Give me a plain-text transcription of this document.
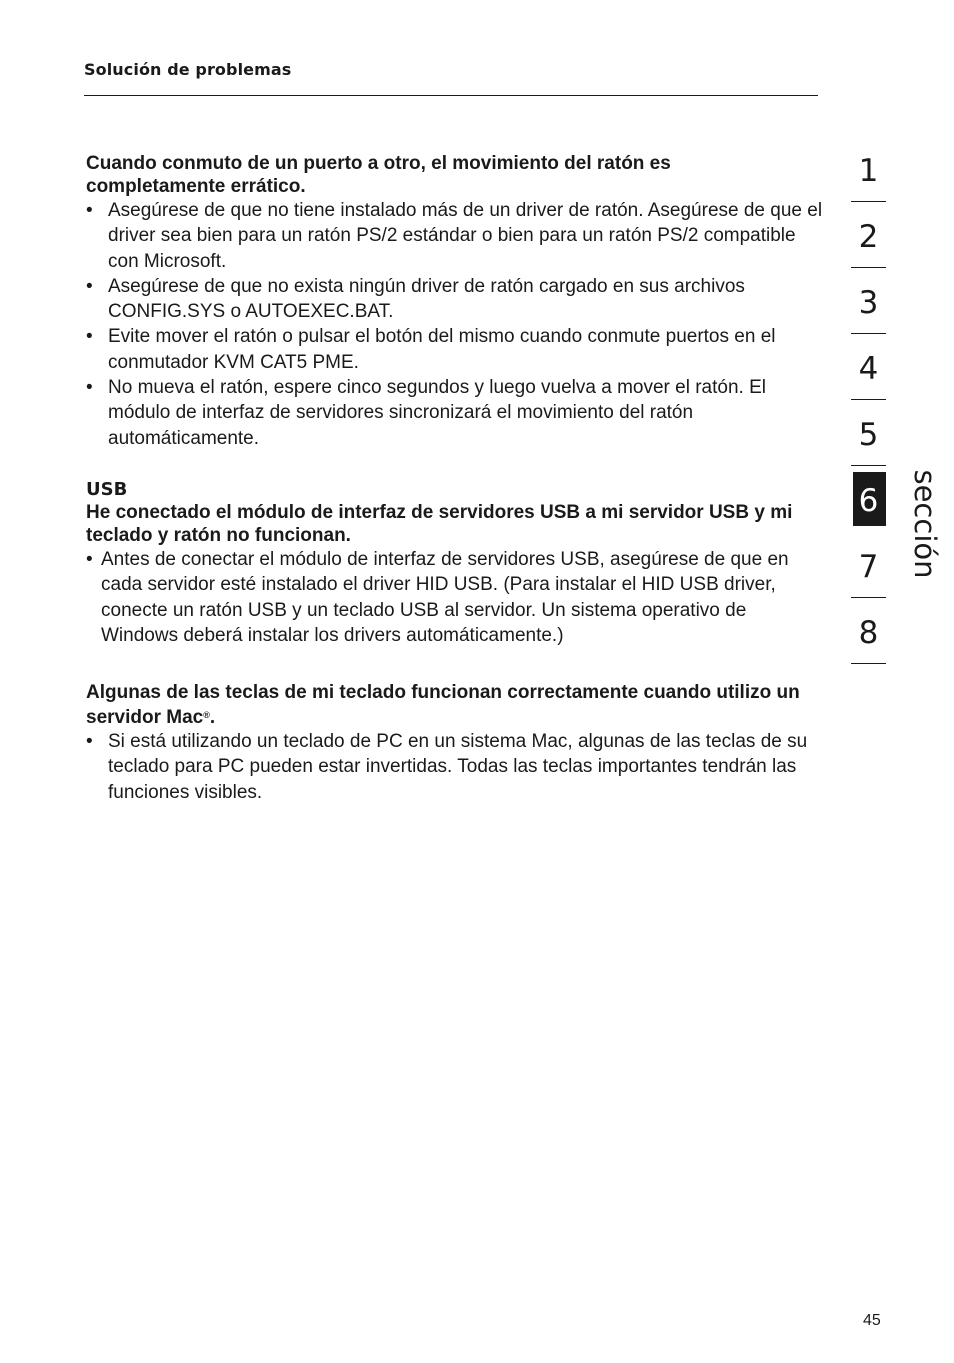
Solución de problemas

Cuando conmuto de un puerto a otro, el movimiento del ratón es completamente errático.

• Asegúrese de que no tiene instalado más de un driver de ratón. Asegúrese de que el driver sea bien para un ratón PS/2 estándar o bien para un ratón PS/2 compatible con Microsoft.
• Asegúrese de que no exista ningún driver de ratón cargado en sus archivos CONFIG.SYS o AUTOEXEC.BAT.
• Evite mover el ratón o pulsar el botón del mismo cuando conmute puertos en el conmutador KVM CAT5 PME.
• No mueva el ratón, espere cinco segundos y luego vuelva a mover el ratón. El módulo de interfaz de servidores sincronizará el movimiento del ratón automáticamente.

USB

He conectado el módulo de interfaz de servidores USB a mi servidor USB y mi teclado y ratón no funcionan.

• Antes de conectar el módulo de interfaz de servidores USB, asegúrese de que en cada servidor esté instalado el driver HID USB. (Para instalar el HID USB driver, conecte un ratón USB y un teclado USB al servidor. Un sistema operativo de Windows deberá instalar los drivers automáticamente.)

Algunas de las teclas de mi teclado funcionan correctamente cuando utilizo un servidor Mac®.

• Si está utilizando un teclado de PC en un sistema Mac, algunas de las teclas de su teclado para PC pueden estar invertidas. Todas las teclas importantes tendrán las funciones visibles.
1
2
3
4
5
6
7
8
sección
45
